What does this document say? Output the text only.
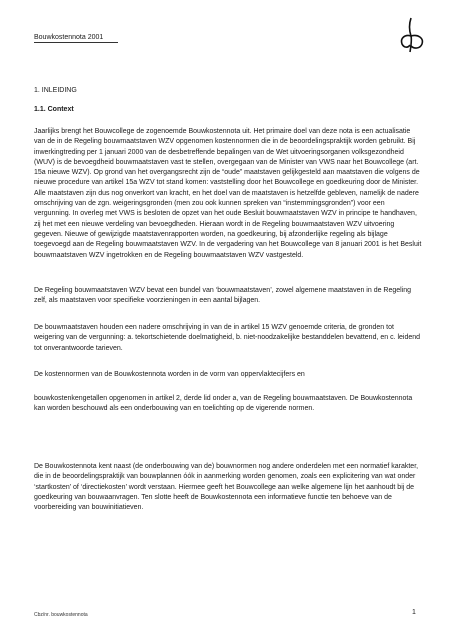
Bouwkostennota 2001
1. INLEIDING
1.1. Context

Jaarlijks brengt het Bouwcollege de zogenoemde Bouwkostennota uit. Het primaire doel van deze nota is een actualisatie van de in de Regeling bouwmaatstaven WZV opgenomen kostennormen die in de beoordelingspraktijk worden gebruikt. Bij inwerkingtreding per 1 januari 2000 van de desbetreffende bepalingen van de Wet uitvoeringsorganen volksgezondheid (WUV) is de bevoegdheid bouwmaatstaven vast te stellen, overgegaan van de Minister van VWS naar het Bouwcollege (art. 15a nieuwe WZV). Op grond van het overgangsrecht zijn de “oude” maatstaven gelijkgesteld aan maatstaven die volgens de nieuwe procedure van artikel 15a WZV tot stand komen: vaststelling door het Bouwcollege en goedkeuring door de Minister. Alle maatstaven zijn dus nog onverkort van kracht, en het doel van de maatstaven is hetzelfde gebleven, namelijk de nadere omschrijving van de zgn. weigeringsgronden (men zou ook kunnen spreken van “instemmingsgronden”) voor een vergunning. In overleg met VWS is besloten de opzet van het oude Besluit bouwmaatstaven WZV in principe te handhaven, zij het met een nieuwe verdeling van bevoegdheden. Hieraan wordt in de Regeling bouwmaatstaven WZV uitvoering gegeven. Nieuwe of gewijzigde maatstavenrapporten worden, na goedkeuring, bij afzonderlijke regeling als bijlage toegevoegd aan de Regeling bouwmaatstaven WZV. In de vergadering van het Bouwcollege van 8 januari 2001 is het Besluit bouwmaatstaven WZV ingetrokken en de Regeling bouwmaatstaven WZV vastgesteld.

De Regeling bouwmaatstaven WZV bevat een bundel van ‘bouwmaatstaven’, zowel algemene maatstaven in de Regeling zelf, als maatstaven voor specifieke voorzieningen in een aantal bijlagen.

De bouwmaatstaven houden een nadere omschrijving in van de in artikel 15 WZV genoemde criteria, de gronden tot weigering van de vergunning: a. tekortschietende doelmatigheid, b. niet-noodzakelijke bestanddelen bevattend, en c. leidend tot onverantwoorde tarieven.

De kostennormen van de Bouwkostennota worden in de vorm van oppervlaktecijfers en

bouwkostenkengetallen opgenomen in artikel 2, derde lid onder a, van de Regeling bouwmaatstaven. De Bouwkostennota kan worden beschouwd als een onderbouwing van en toelichting op de vigerende normen.

De Bouwkostennota kent naast (de onderbouwing van de) bouwnormen nog andere onderdelen met een normatief karakter, die in de beoordelingspraktijk van bouwplannen óók in aanmerking worden genomen, zoals een explicitering van wat onder ‘startkosten’ of ‘directiekosten’ wordt verstaan. Hiermee geeft het Bouwcollege aan welke algemene lijn het aanhoudt bij de goedkeuring van bouwaanvragen. Ten slotte heeft de Bouwkostennota een informatieve functie ten behoeve van de voorbereiding van bouwinitiatieven.

Cbz/nr. bouwkostennota	1
